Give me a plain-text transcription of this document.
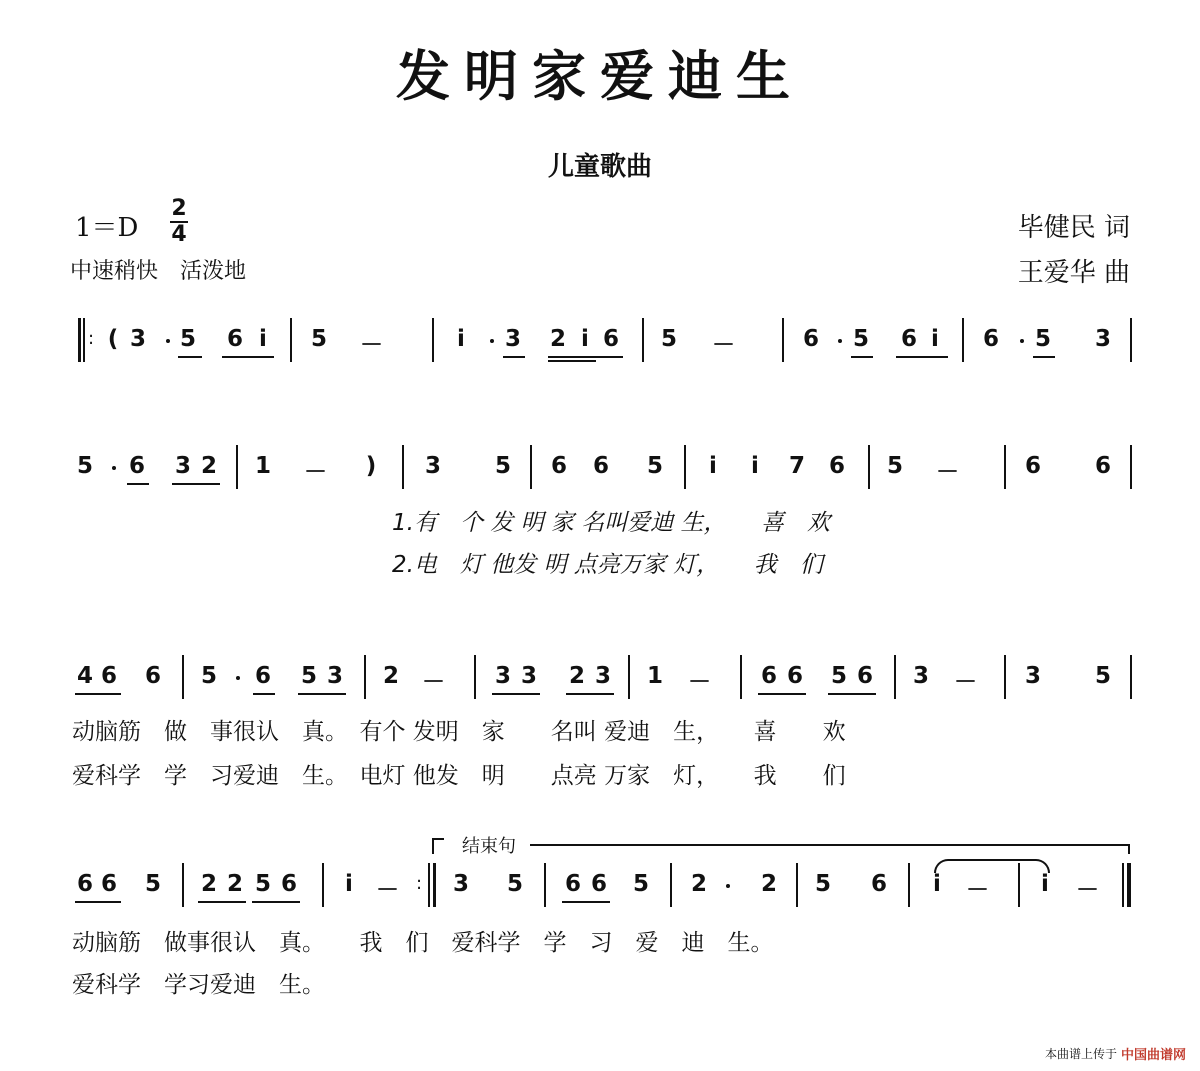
发明家爱迪生
儿童歌曲
1＝D
2
4
中速稍快　活泼地
毕健民 词
王爱华 曲
: ( 3 5 6 i	5 －	i	3 2 i 6 5 －	6 5 6 i	6 5 3
5 6 3 2 1 －	)	3 5 6 6 5	i	i	7 6 5 －	6 6
1.有　个 发 明 家 名叫爱迪 生，　　喜　欢
2.电　灯 他发 明 点亮万家 灯，　　我　们
4 6 6 5 6 5 3 2 － 3 3 2 3 1 － 6 6 5 6 3 － 3 5
动脑筋　做　事很认　真。　有个 发明　家　　名叫 爱迪　生，　　喜　　欢
爱科学　学　习爱迪　生。　电灯 他发　明　　点亮 万家　灯，　　我　　们
结束句
6 6 5 2 2 5 6	i	－ : 3 5 6 6 5 2 2 5 6	i	－	i	－
动脑筋　做事很认　真。　　我　们　爱科学　学　习　爱　迪　生。
爱科学　学习爱迪　生。
本曲谱上传于 中国曲谱网
